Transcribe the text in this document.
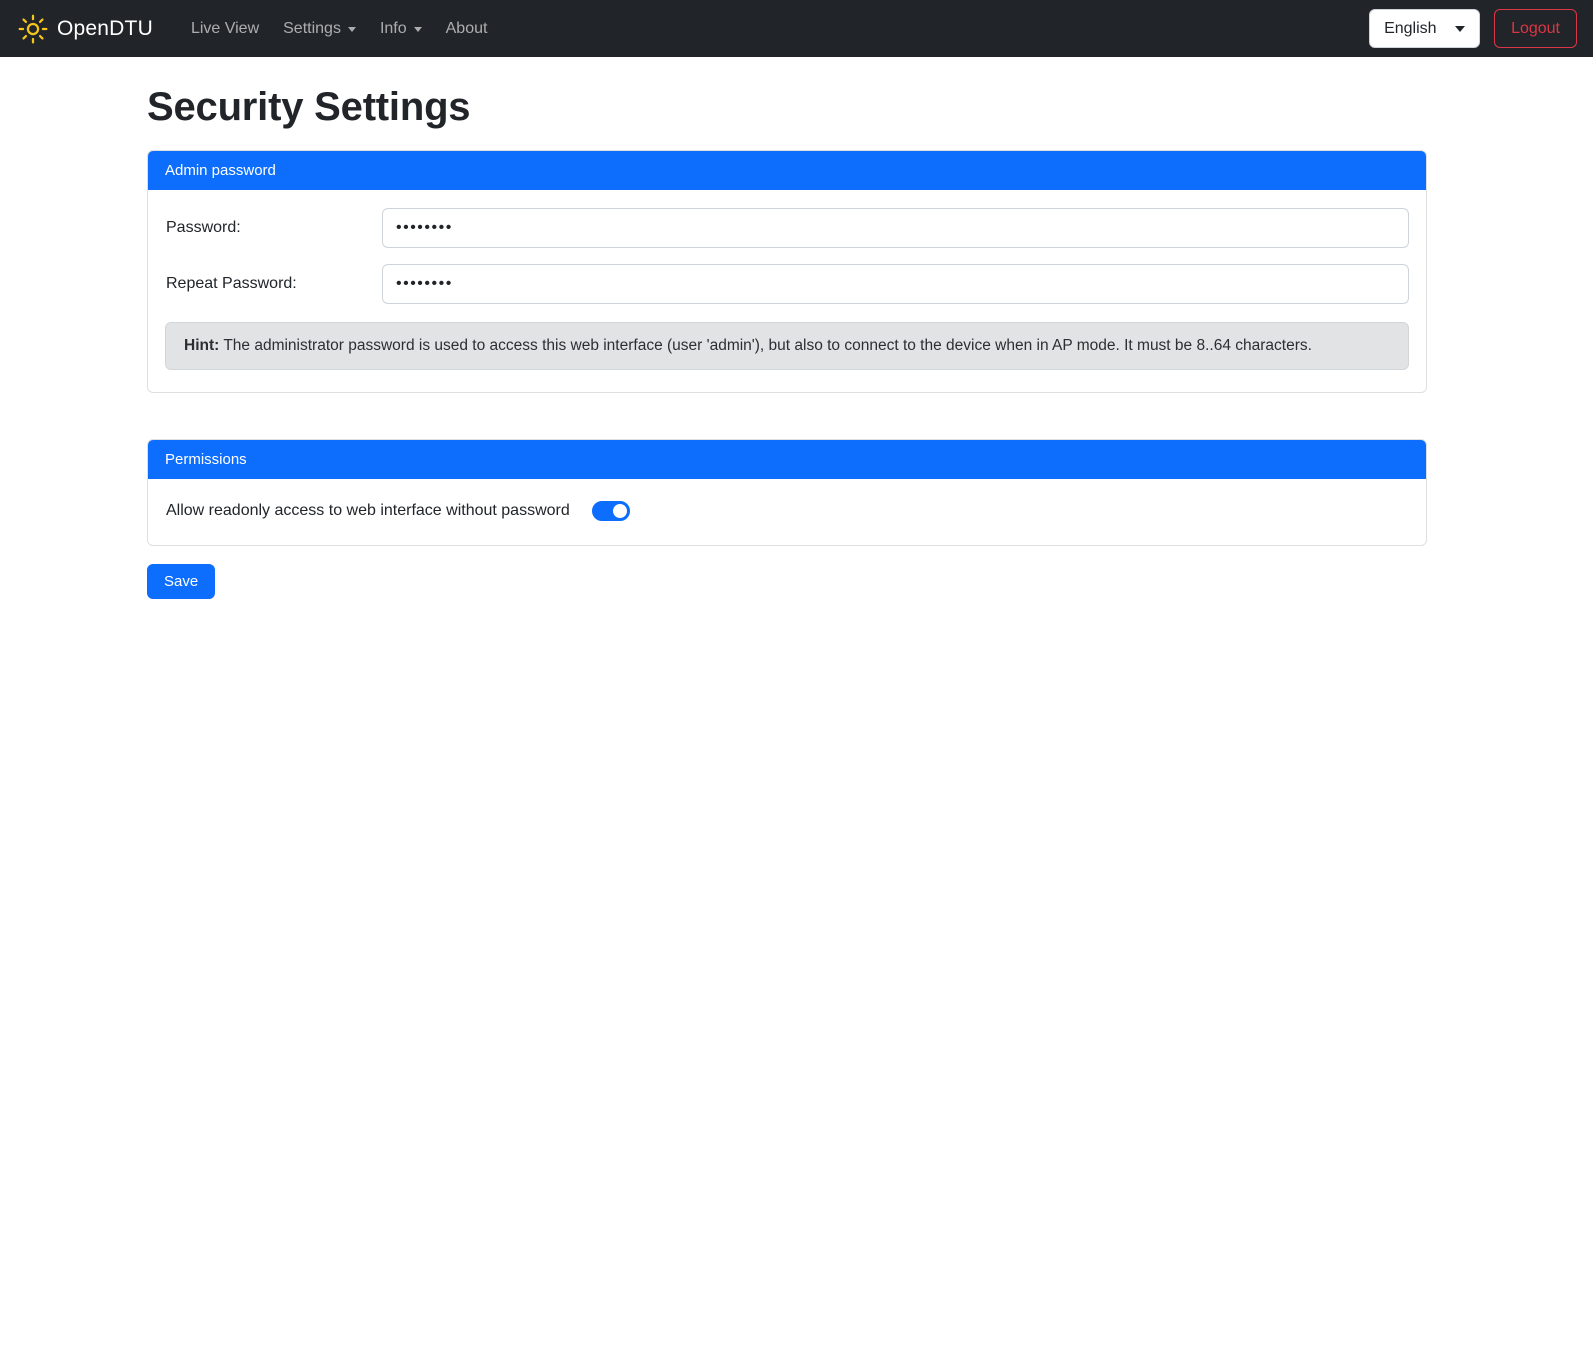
OpenDTU Live View Settings Info About
English	Logout
Security Settings
Admin password
Password:
••••••••
Repeat Password:
••••••••
Hint: The administrator password is used to access this web interface (user 'admin'), but also to connect to the device when in AP mode. It must be 8..64 characters.
Permissions
Allow readonly access to web interface without password
Save
